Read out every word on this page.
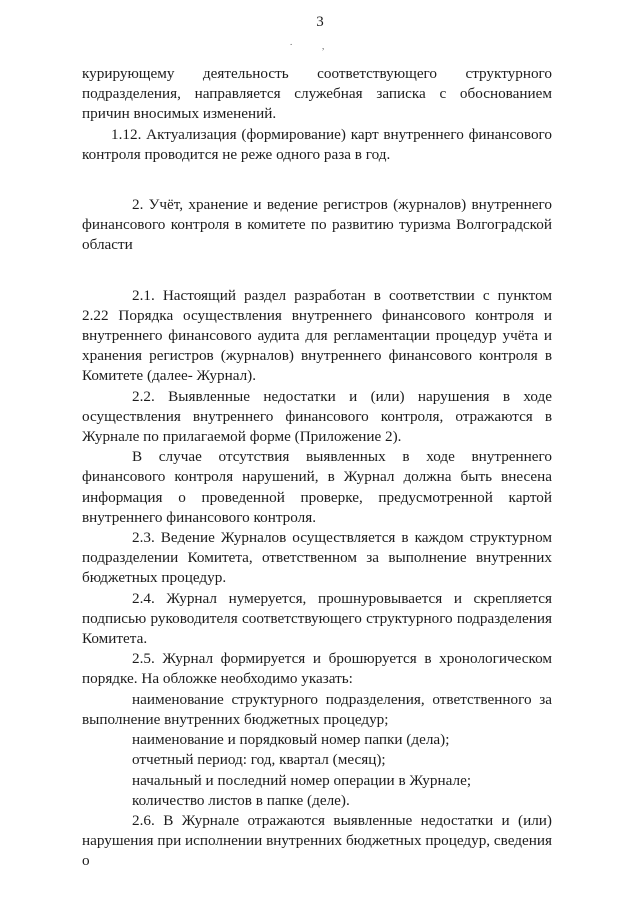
3
.	,

курирующему деятельность соответствующего структурного подразделения, направляется служебная записка с обоснованием причин вносимых изменений.

1.12. Актуализация (формирование) карт внутреннего финансового контроля проводится не реже одного раза в год.

2. Учёт, хранение и ведение регистров (журналов) внутреннего финансового контроля в комитете по развитию туризма Волгоградской области

2.1. Настоящий раздел разработан в соответствии с пунктом 2.22 Порядка осуществления внутреннего финансового контроля и внутреннего финансового аудита для регламентации процедур учёта и хранения регистров (журналов) внутреннего финансового контроля в Комитете (далее- Журнал).

2.2. Выявленные недостатки и (или) нарушения в ходе осуществления внутреннего финансового контроля, отражаются в Журнале по прилагаемой форме (Приложение 2).

В случае отсутствия выявленных в ходе внутреннего финансового контроля нарушений, в Журнал должна быть внесена информация о проведенной проверке, предусмотренной картой внутреннего финансового контроля.

2.3. Ведение Журналов осуществляется в каждом структурном подразделении Комитета, ответственном за выполнение внутренних бюджетных процедур.

2.4. Журнал нумеруется, прошнуровывается и скрепляется подписью руководителя соответствующего структурного подразделения Комитета.

2.5. Журнал формируется и брошюруется в хронологическом порядке. На обложке необходимо указать:

наименование структурного подразделения, ответственного за выполнение внутренних бюджетных процедур;

наименование и порядковый номер папки (дела);

отчетный период: год, квартал (месяц);

начальный и последний номер операции в Журнале;

количество листов в папке (деле).

2.6. В Журнале отражаются выявленные недостатки и (или) нарушения при исполнении внутренних бюджетных процедур, сведения о
